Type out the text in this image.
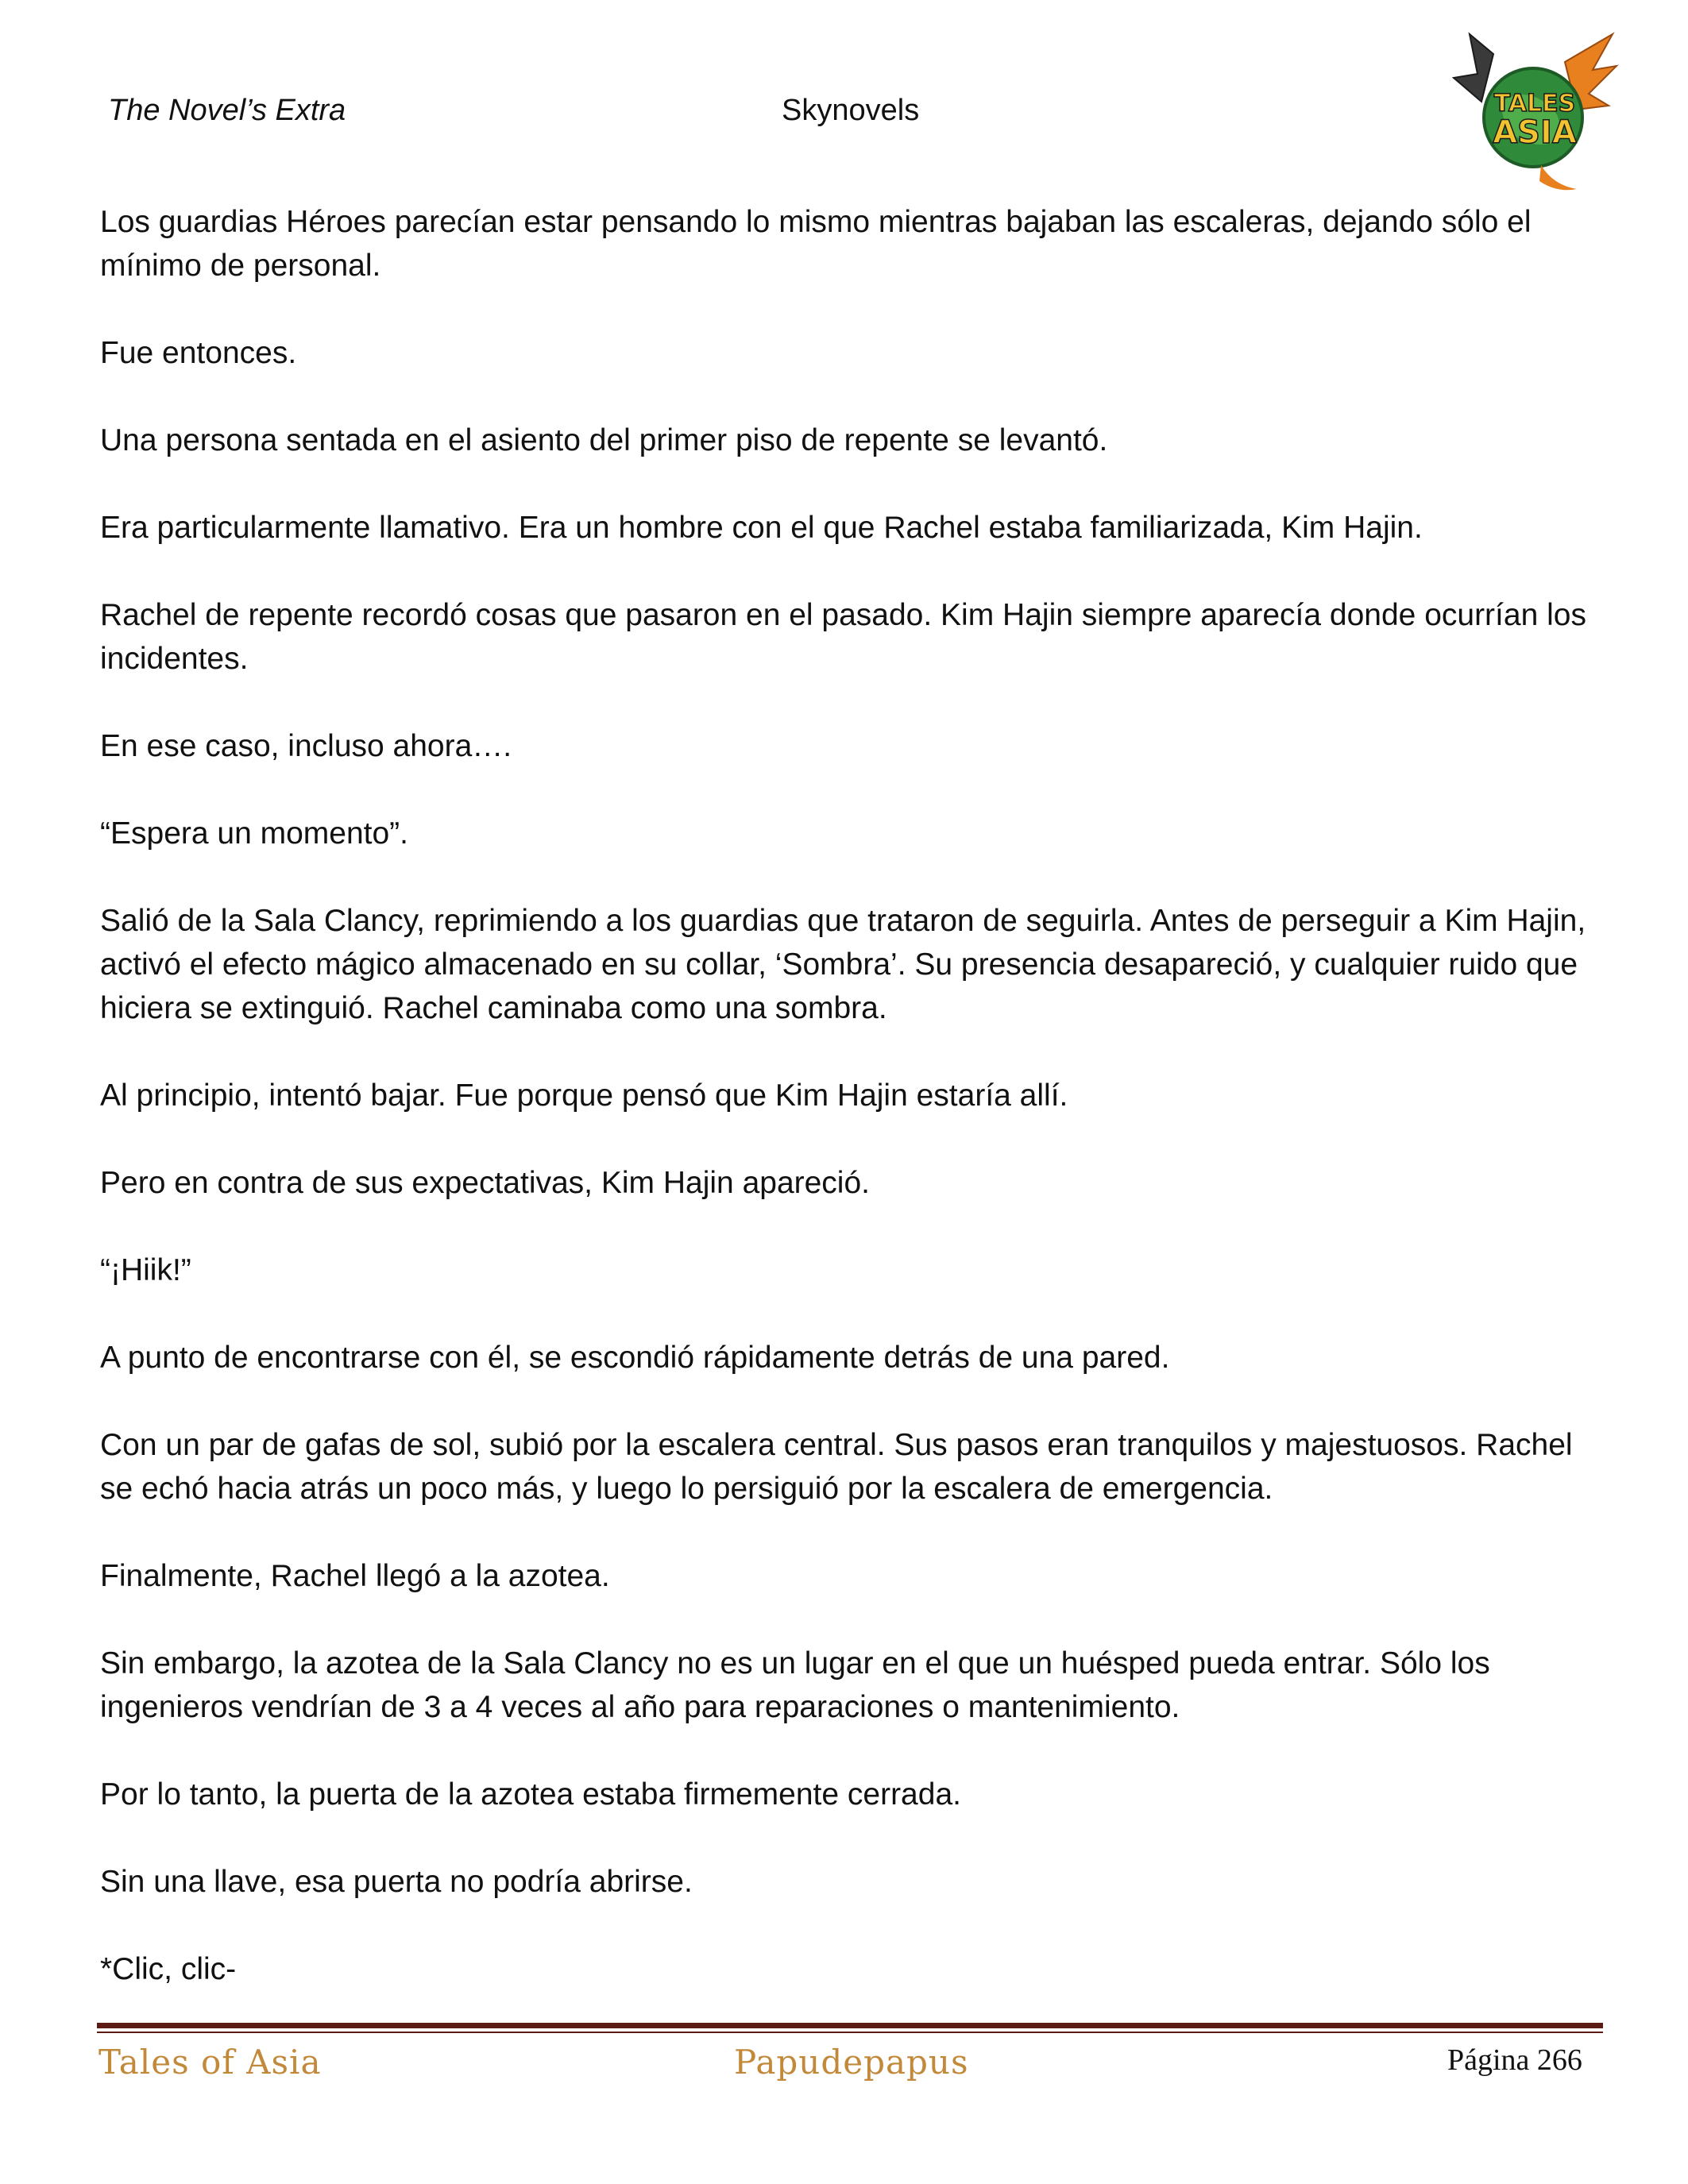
The Novel’s Extra	Skynovels	TALES
ASIA

Los guardias Héroes parecían estar pensando lo mismo mientras bajaban las escaleras, dejando sólo el mínimo de personal.

Fue entonces.

Una persona sentada en el asiento del primer piso de repente se levantó.

Era particularmente llamativo. Era un hombre con el que Rachel estaba familiarizada, Kim Hajin.

Rachel de repente recordó cosas que pasaron en el pasado. Kim Hajin siempre aparecía donde ocurrían los incidentes.

En ese caso, incluso ahora….

“Espera un momento”.

Salió de la Sala Clancy, reprimiendo a los guardias que trataron de seguirla. Antes de perseguir a Kim Hajin, activó el efecto mágico almacenado en su collar, ‘Sombra’. Su presencia desapareció, y cualquier ruido que hiciera se extinguió. Rachel caminaba como una sombra.

Al principio, intentó bajar. Fue porque pensó que Kim Hajin estaría allí.

Pero en contra de sus expectativas, Kim Hajin apareció.

“¡Hiik!”

A punto de encontrarse con él, se escondió rápidamente detrás de una pared.

Con un par de gafas de sol, subió por la escalera central. Sus pasos eran tranquilos y majestuosos. Rachel se echó hacia atrás un poco más, y luego lo persiguió por la escalera de emergencia.

Finalmente, Rachel llegó a la azotea.

Sin embargo, la azotea de la Sala Clancy no es un lugar en el que un huésped pueda entrar. Sólo los ingenieros vendrían de 3 a 4 veces al año para reparaciones o mantenimiento.

Por lo tanto, la puerta de la azotea estaba firmemente cerrada.

Sin una llave, esa puerta no podría abrirse.

*Clic, clic-

Tales of Asia	Papudepapus	Página 266
